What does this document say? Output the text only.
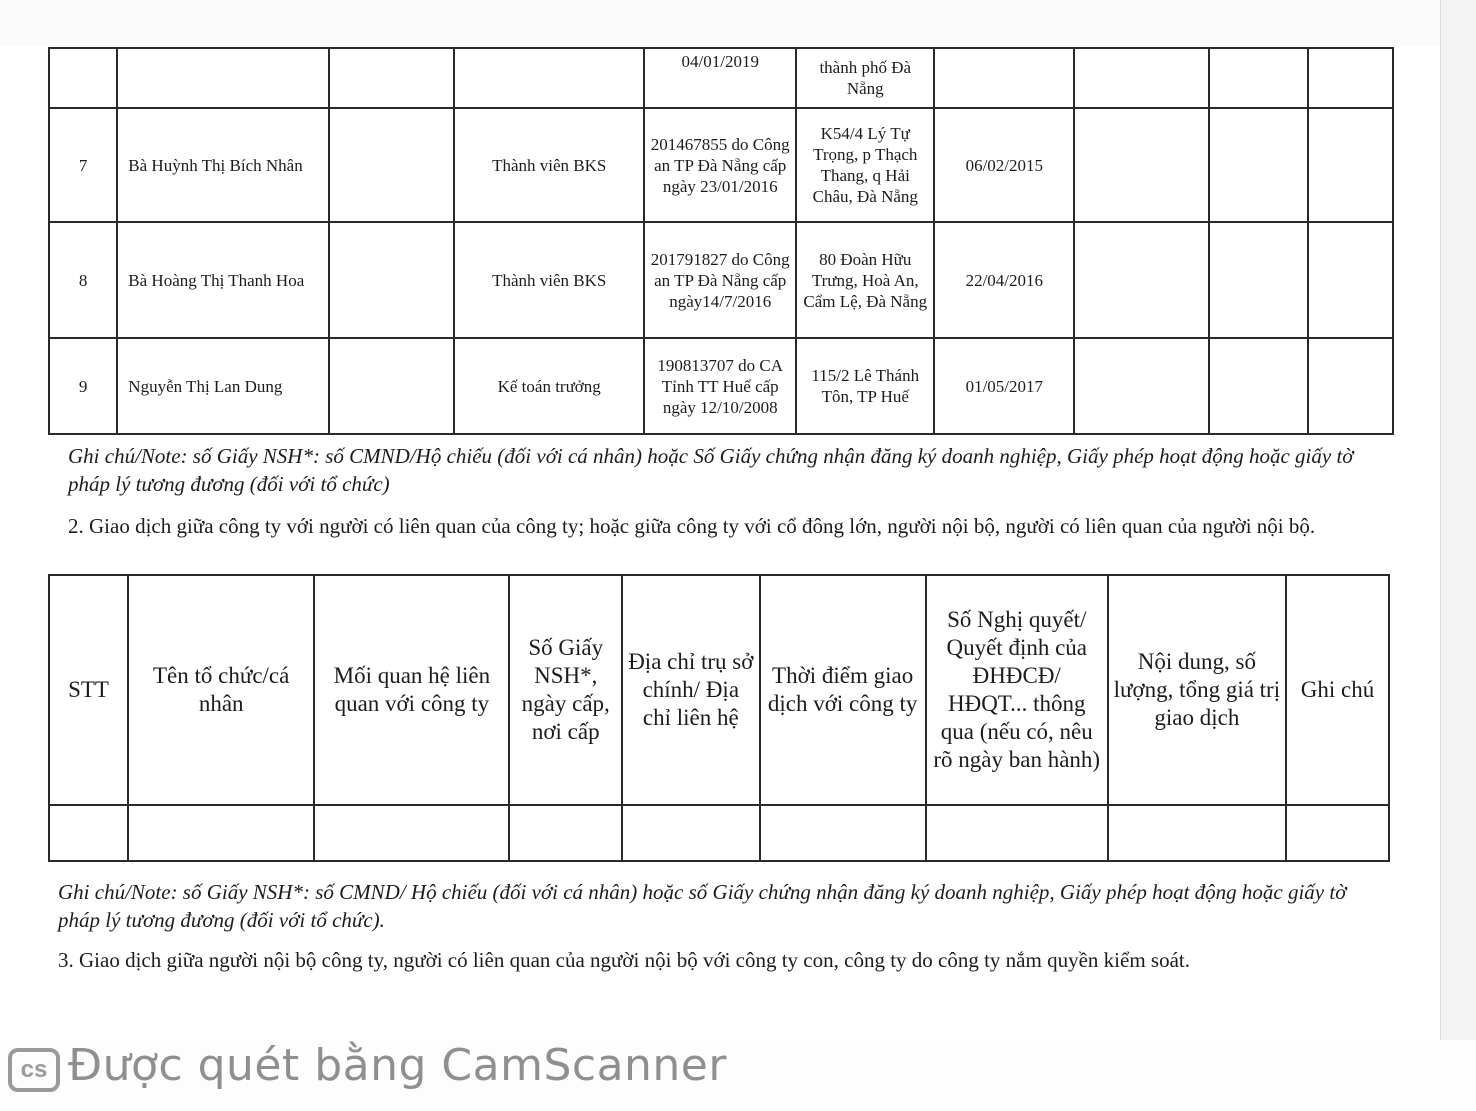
				04/01/2019	thành phố Đà Nẵng				
7	Bà Huỳnh Thị Bích Nhân		Thành viên BKS	201467855 do Công an TP Đà Nẵng cấp ngày 23/01/2016	K54/4 Lý Tự Trọng, p Thạch Thang, q Hải Châu, Đà Nẵng	06/02/2015			
8	Bà Hoàng Thị Thanh Hoa		Thành viên BKS	201791827 do Công an TP Đà Nẵng cấp ngày14/7/2016	80 Đoàn Hữu Trưng, Hoà An, Cẩm Lệ, Đà Nẵng	22/04/2016			
9	Nguyễn Thị Lan Dung		Kế toán trưởng	190813707 do CA Tỉnh TT Huế cấp ngày 12/10/2008	115/2 Lê Thánh Tôn, TP Huế	01/05/2017			
Ghi chú/Note: số Giấy NSH*: số CMND/Hộ chiếu (đối với cá nhân) hoặc Số Giấy chứng nhận đăng ký doanh nghiệp, Giấy phép hoạt động hoặc giấy tờ pháp lý tương đương (đối với tổ chức)
2. Giao dịch giữa công ty với người có liên quan của công ty; hoặc giữa công ty với cổ đông lớn, người nội bộ, người có liên quan của người nội bộ.
STT	Tên tổ chức/cá nhân	Mối quan hệ liên quan với công ty	Số Giấy NSH*, ngày cấp, nơi cấp	Địa chỉ trụ sở chính/ Địa chỉ liên hệ	Thời điểm giao dịch với công ty	Số Nghị quyết/ Quyết định của ĐHĐCĐ/ HĐQT... thông qua (nếu có, nêu rõ ngày ban hành)	Nội dung, số lượng, tổng giá trị giao dịch	Ghi chú

Ghi chú/Note: số Giấy NSH*: số CMND/ Hộ chiếu (đối với cá nhân) hoặc số Giấy chứng nhận đăng ký doanh nghiệp, Giấy phép hoạt động hoặc giấy tờ pháp lý tương đương (đối với tổ chức).
3. Giao dịch giữa người nội bộ công ty, người có liên quan của người nội bộ với công ty con, công ty do công ty nắm quyền kiểm soát.
cs Được quét bằng CamScanner
